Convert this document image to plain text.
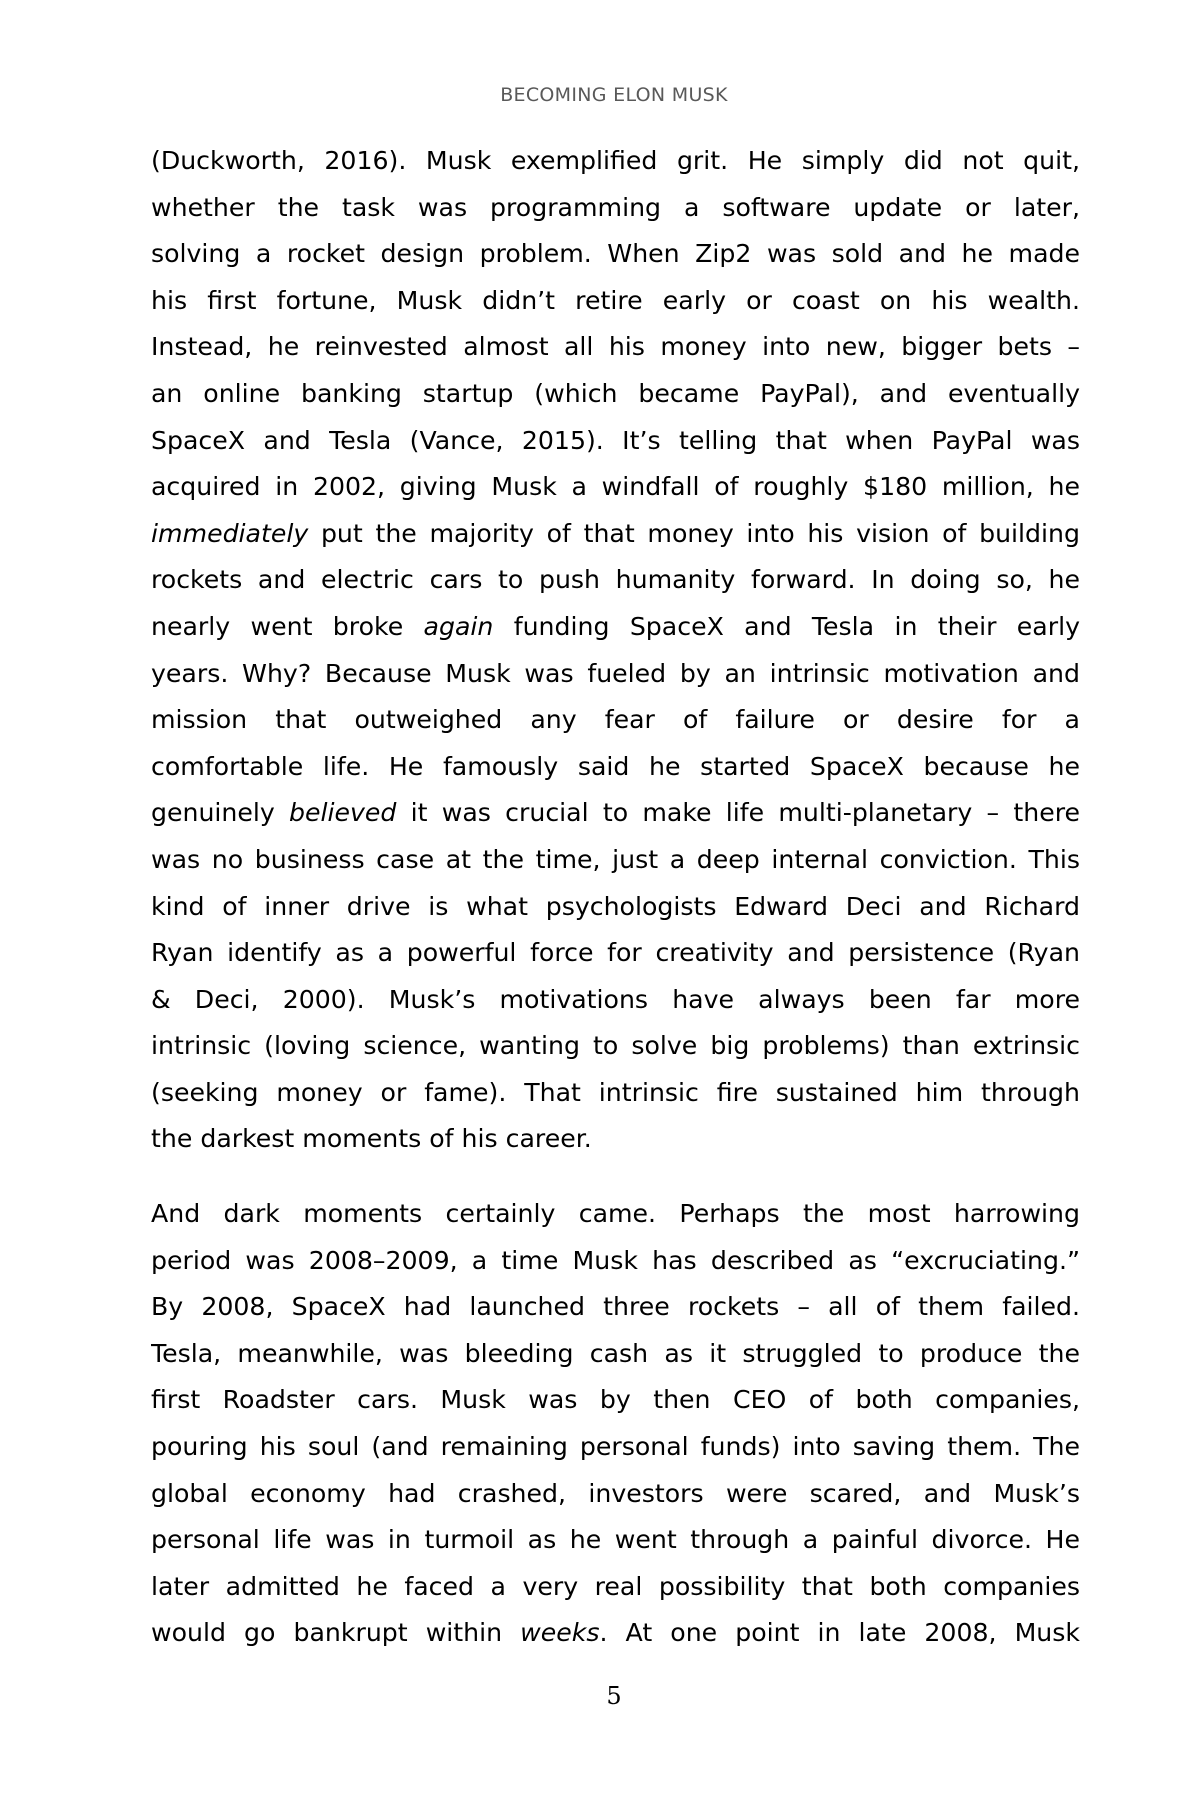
BECOMING ELON MUSK
(Duckworth, 2016). Musk exemplified grit. He simply did not quit,
whether the task was programming a software update or later,
solving a rocket design problem. When Zip2 was sold and he made
his first fortune, Musk didn’t retire early or coast on his wealth.
Instead, he reinvested almost all his money into new, bigger bets –
an online banking startup (which became PayPal), and eventually
SpaceX and Tesla (Vance, 2015). It’s telling that when PayPal was
acquired in 2002, giving Musk a windfall of roughly $180 million, he
immediately put the majority of that money into his vision of building
rockets and electric cars to push humanity forward. In doing so, he
nearly went broke again funding SpaceX and Tesla in their early
years. Why? Because Musk was fueled by an intrinsic motivation and
mission that outweighed any fear of failure or desire for a
comfortable life. He famously said he started SpaceX because he
genuinely believed it was crucial to make life multi-planetary – there
was no business case at the time, just a deep internal conviction. This
kind of inner drive is what psychologists Edward Deci and Richard
Ryan identify as a powerful force for creativity and persistence (Ryan
& Deci, 2000). Musk’s motivations have always been far more
intrinsic (loving science, wanting to solve big problems) than extrinsic
(seeking money or fame). That intrinsic fire sustained him through
the darkest moments of his career.
And dark moments certainly came. Perhaps the most harrowing
period was 2008–2009, a time Musk has described as “excruciating.”
By 2008, SpaceX had launched three rockets – all of them failed.
Tesla, meanwhile, was bleeding cash as it struggled to produce the
first Roadster cars. Musk was by then CEO of both companies,
pouring his soul (and remaining personal funds) into saving them. The
global economy had crashed, investors were scared, and Musk’s
personal life was in turmoil as he went through a painful divorce. He
later admitted he faced a very real possibility that both companies
would go bankrupt within weeks. At one point in late 2008, Musk
5
